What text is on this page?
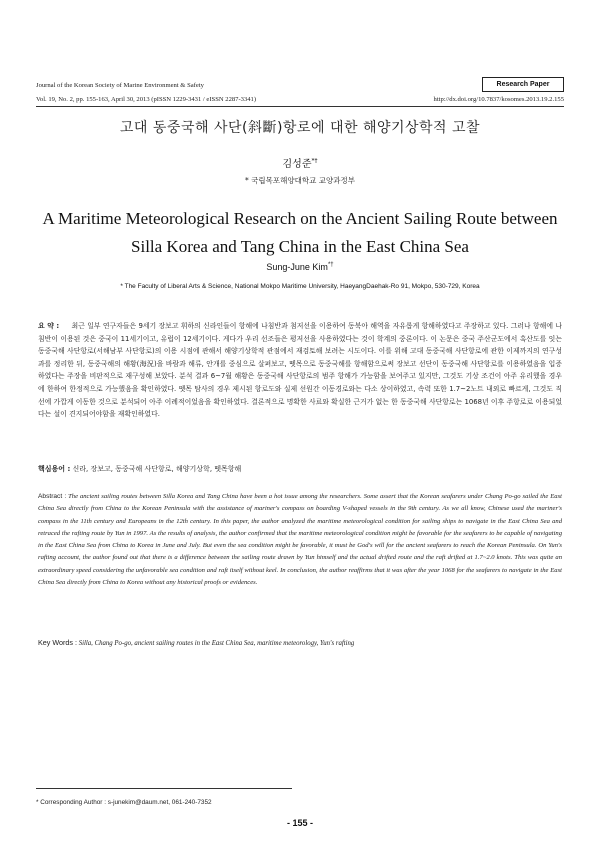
Journal of the Korean Society of Marine Environment & Safety
Vol. 19, No. 2, pp. 155-163, April 30, 2013 (pISSN 1229-3431 / eISSN 2287-3341)
Research Paper
http://dx.doi.org/10.7837/kosomes.2013.19.2.155
고대 동중국해 사단(斜斷)항로에 대한 해양기상학적 고찰
김성준*†
* 국립목포해양대학교 교양과정부
A Maritime Meteorological Research on the Ancient Sailing Route between Silla Korea and Tang China in the East China Sea
Sung-June Kim*†
* The Faculty of Liberal Arts & Science, National Mokpo Maritime University, HaeyangDaehak-Ro 91, Mokpo, 530-729, Korea
요 약 : 최근 일부 연구자들은 9세기 장보고 휘하의 신라인들이 항해에 나침반과 첨저선을 이용하여 동북아 해역을 자유롭게 항해하였다고 주장하고 있다. 그러나 항해에 나침반이 이용된 것은 중국이 11세기이고, 유럽이 12세기이다. 게다가 우리 선조들은 평저선을 사용하였다는 것이 학계의 중론이다. 이 논문은 중국 주산군도에서 흑산도를 잇는 동중국해 사단항로(서해남부 사단항로)의 이용 시점에 관해서 해양기상학적 관점에서 재검토해 보려는 시도이다. 이를 위해 고대 동중국해 사단항로에 관한 이제까지의 연구성과를 정리한 뒤, 동중국해의 해황(海況)을 바람과 해류, 안개를 중심으로 살펴보고, 뗏목으로 동중국해를 항해함으로써 장보고 선단이 동중국해 사단항로를 이용하였음을 입증하였다는 주장을 비판적으로 재구성해 보았다. 분석 결과 6~7월 해황은 동중국해 사단항로의 범주 항해가 가능함을 보여주고 있지만, 그것도 기상 조건이 아주 유리했을 경우에 한하여 한정적으로 가능했음을 확인하였다. 뗏목 탐사의 경우 제시된 항로도와 실제 선원간 이동경로와는 다소 상이하였고, 속력 또한 1.7~2노트 내외로 빠르게, 그것도 직선에 가깝게 이동한 것으로 분석되어 아주 이례적이었음을 확인하였다. 결론적으로 명확한 사료와 확실한 근거가 없는 한 동중국해 사단항로는 1068년 이후 주항로로 이용되었다는 설이 견지되어야함을 재확인하였다.
핵심용어 : 신라, 장보고, 동중국해 사단항로, 해양기상학, 뗏목항해
Abstract : The ancient sailing routes between Silla Korea and Tang China have been a hot issue among the researchers. Some assert that the Korean seafarers under Chang Po-go sailed the East China Sea directly from China to the Korean Peninsula with the assistance of mariner's compass on boarding V-shaped vessels in the 9th century. As we all know, Chinese used the mariner's compass in the 11th century and Europeans in the 12th century. In this paper, the author analyzed the maritime meteorological condition for sailing ships to navigate in the East China Sea and retraced the rafting route by Yun in 1997. As the results of analysis, the author confirmed that the maritime meteorological condition might be favorable for the seafarers to be capable of navigating in the East China Sea from China to Korea in June and July. But even the sea condition might be favorable, it must be God's will for the ancient seafarers to reach the Korean Peninsula. On Yun's rafting account, the author found out that there is a difference between the sailing route drawn by Yun himself and the actual drifted route and the raft drifted at 1.7~2.0 knots. This was quite an extraordinary speed considering the unfavorable sea condition and raft itself without keel. In conclusion, the author reaffirms that it was after the year 1068 for the seafarers to navigate in the East China Sea directly from China to Korea without any historical proofs or evidences.
Key Words : Silla, Chang Po-go, ancient sailing routes in the East China Sea, maritime meteorology, Yun's rafting
* Corresponding Author : s-junekim@daum.net, 061-240-7352
- 155 -
